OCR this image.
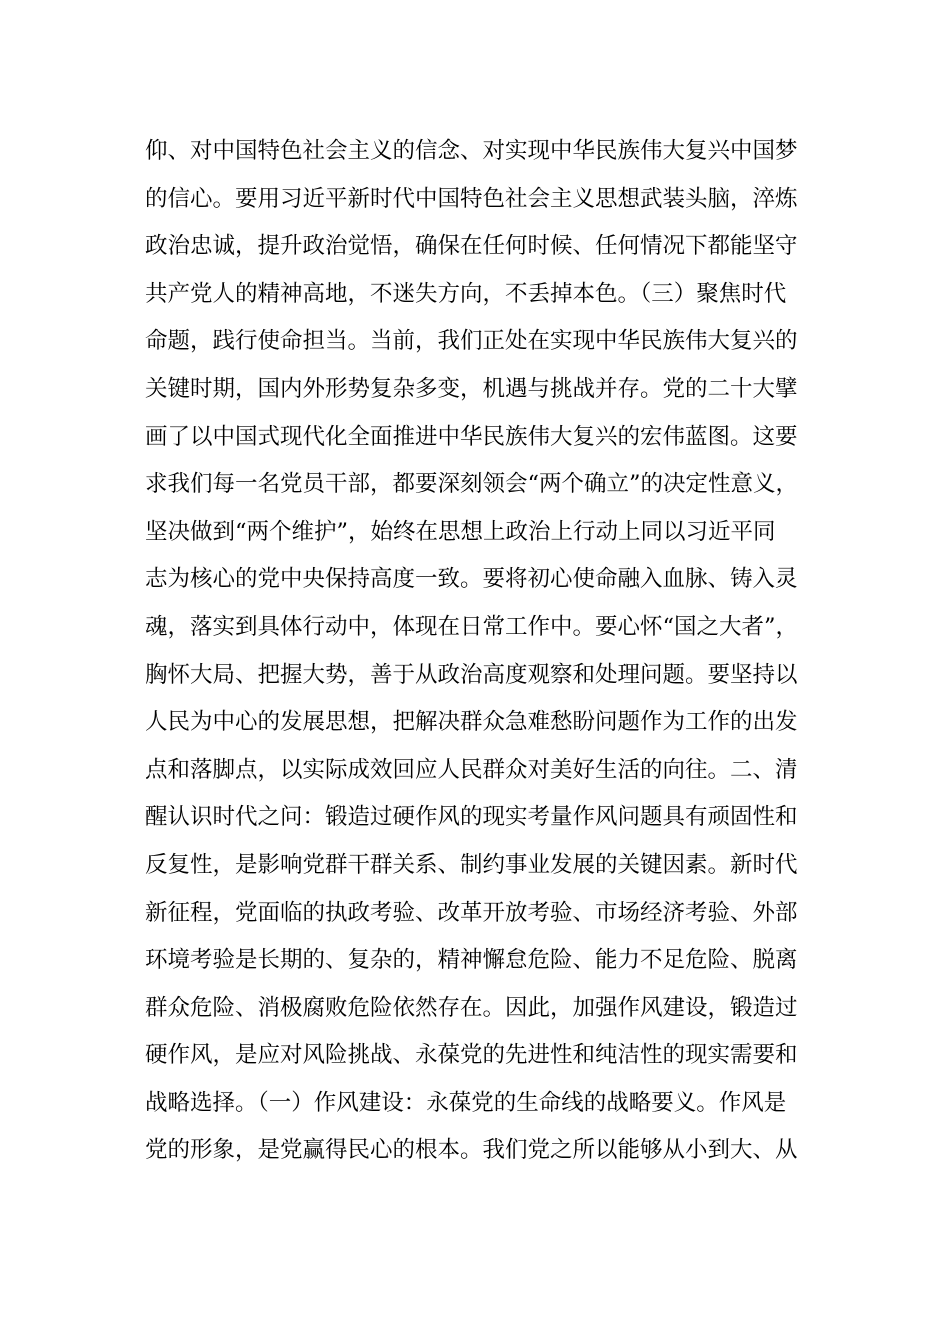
仰、对中国特色社会主义的信念、对实现中华民族伟大复兴中国梦
的信心。要用习近平新时代中国特色社会主义思想武装头脑，淬炼
政治忠诚，提升政治觉悟，确保在任何时候、任何情况下都能坚守
共产党人的精神高地，不迷失方向，不丢掉本色。（三）聚焦时代
命题，践行使命担当。当前，我们正处在实现中华民族伟大复兴的
关键时期，国内外形势复杂多变，机遇与挑战并存。党的二十大擘
画了以中国式现代化全面推进中华民族伟大复兴的宏伟蓝图。这要
求我们每一名党员干部，都要深刻领会“两个确立”的决定性意义，
坚决做到“两个维护”，始终在思想上政治上行动上同以习近平同
志为核心的党中央保持高度一致。要将初心使命融入血脉、铸入灵
魂，落实到具体行动中，体现在日常工作中。要心怀“国之大者”，
胸怀大局、把握大势，善于从政治高度观察和处理问题。要坚持以
人民为中心的发展思想，把解决群众急难愁盼问题作为工作的出发
点和落脚点，以实际成效回应人民群众对美好生活的向往。二、清
醒认识时代之问：锻造过硬作风的现实考量作风问题具有顽固性和
反复性，是影响党群干群关系、制约事业发展的关键因素。新时代
新征程，党面临的执政考验、改革开放考验、市场经济考验、外部
环境考验是长期的、复杂的，精神懈怠危险、能力不足危险、脱离
群众危险、消极腐败危险依然存在。因此，加强作风建设，锻造过
硬作风，是应对风险挑战、永葆党的先进性和纯洁性的现实需要和
战略选择。（一）作风建设：永葆党的生命线的战略要义。作风是
党的形象，是党赢得民心的根本。我们党之所以能够从小到大、从
